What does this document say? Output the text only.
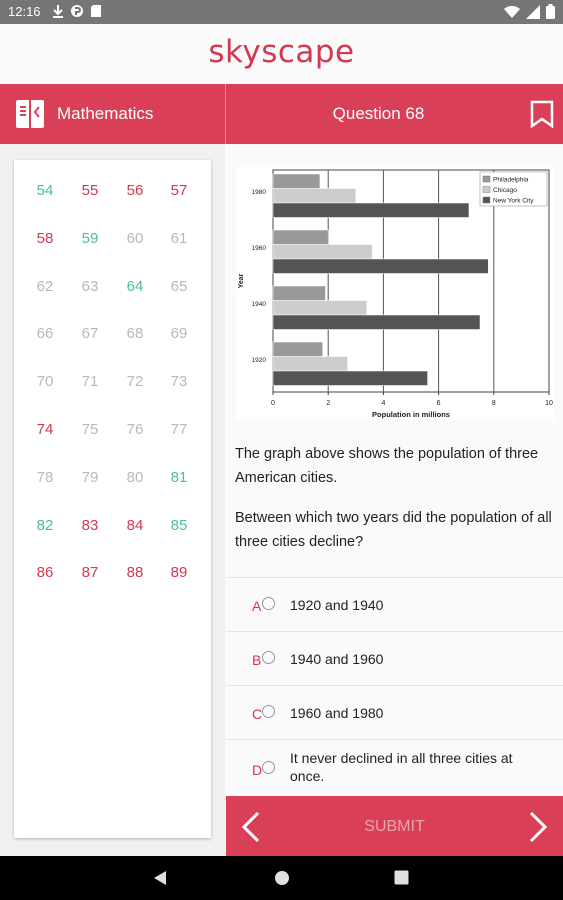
12:16
skyscape
Mathematics	Question 68
54	55	56	57
58	59	60	61
62	63	64	65
66	67	68	69
70	71	72	73
74	75	76	77
78	79	80	81
82	83	84	85
86	87	88	89
0	2	4	6	8	10
Population in millions
Year
1980
1960
1940
1920
Philadelphia
Chicago
New York City
The graph above shows the population of three American cities.
Between which two years did the population of all three cities decline?
A 1920 and 1940
B 1940 and 1960
C 1960 and 1980
D
It never declined in all three cities at once.
SUBMIT
